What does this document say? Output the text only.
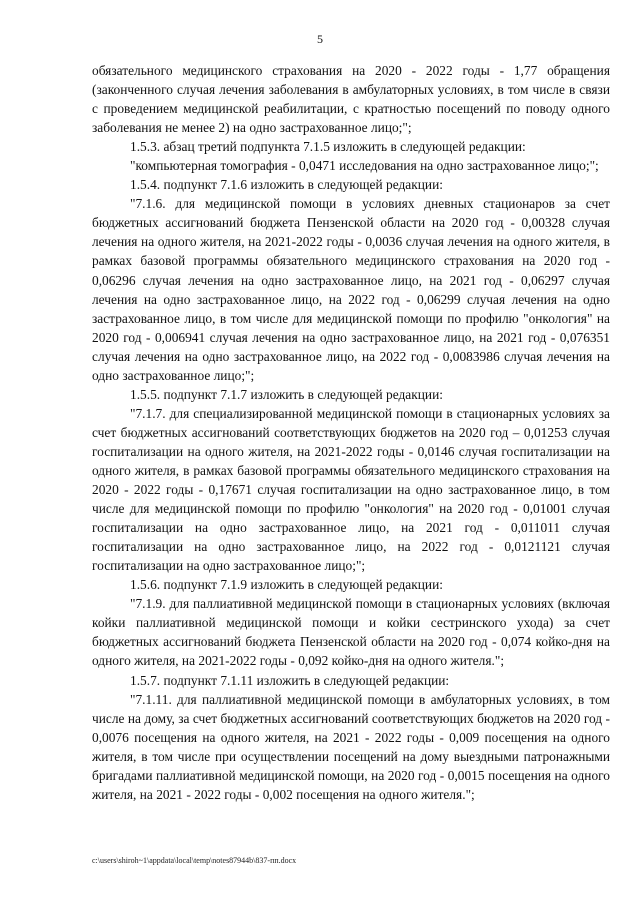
5

обязательного медицинского страхования на 2020 - 2022 годы - 1,77 обращения (законченного случая лечения заболевания в амбулаторных условиях, в том числе в связи с проведением медицинской реабилитации, с кратностью посещений по поводу одного заболевания не менее 2) на одно застрахованное лицо;";

1.5.3. абзац третий подпункта 7.1.5 изложить в следующей редакции:

"компьютерная томография - 0,0471 исследования на одно застрахованное лицо;";

1.5.4. подпункт 7.1.6 изложить в следующей редакции:

"7.1.6. для медицинской помощи в условиях дневных стационаров за счет бюджетных ассигнований бюджета Пензенской области на 2020 год - 0,00328 случая лечения на одного жителя, на 2021-2022 годы - 0,0036 случая лечения на одного жителя, в рамках базовой программы обязательного медицинского страхования на 2020 год - 0,06296 случая лечения на одно застрахованное лицо, на 2021 год - 0,06297 случая лечения на одно застрахованное лицо, на 2022 год - 0,06299 случая лечения на одно застрахованное лицо, в том числе для медицинской помощи по профилю "онкология" на 2020 год - 0,006941 случая лечения на одно застрахованное лицо, на 2021 год - 0,076351 случая лечения на одно застрахованное лицо, на 2022 год - 0,0083986 случая лечения на одно застрахованное лицо;";

1.5.5. подпункт 7.1.7 изложить в следующей редакции:

"7.1.7. для специализированной медицинской помощи в стационарных условиях за счет бюджетных ассигнований соответствующих бюджетов на 2020 год – 0,01253 случая госпитализации на одного жителя, на 2021-2022 годы - 0,0146 случая госпитализации на одного жителя, в рамках базовой программы обязательного медицинского страхования на 2020 - 2022 годы - 0,17671 случая госпитализации на одно застрахованное лицо, в том числе для медицинской помощи по профилю "онкология" на 2020 год - 0,01001 случая госпитализации на одно застрахованное лицо, на 2021 год - 0,011011 случая госпитализации на одно застрахованное лицо, на 2022 год - 0,0121121 случая госпитализации на одно застрахованное лицо;";

1.5.6. подпункт 7.1.9 изложить в следующей редакции:

"7.1.9. для паллиативной медицинской помощи в стационарных условиях (включая койки паллиативной медицинской помощи и койки сестринского ухода) за счет бюджетных ассигнований бюджета Пензенской области на 2020 год - 0,074 койко-дня на одного жителя, на 2021-2022 годы - 0,092 койко-дня на одного жителя.";

1.5.7. подпункт 7.1.11 изложить в следующей редакции:

"7.1.11. для паллиативной медицинской помощи в амбулаторных условиях, в том числе на дому, за счет бюджетных ассигнований соответствующих бюджетов на 2020 год - 0,0076 посещения на одного жителя, на 2021 - 2022 годы - 0,009 посещения на одного жителя, в том числе при осуществлении посещений на дому выездными патронажными бригадами паллиативной медицинской помощи, на 2020 год - 0,0015 посещения на одного жителя, на 2021 - 2022 годы - 0,002 посещения на одного жителя.";

c:\users\shiroh~1\appdata\local\temp\notes87944b\837-пп.docx
